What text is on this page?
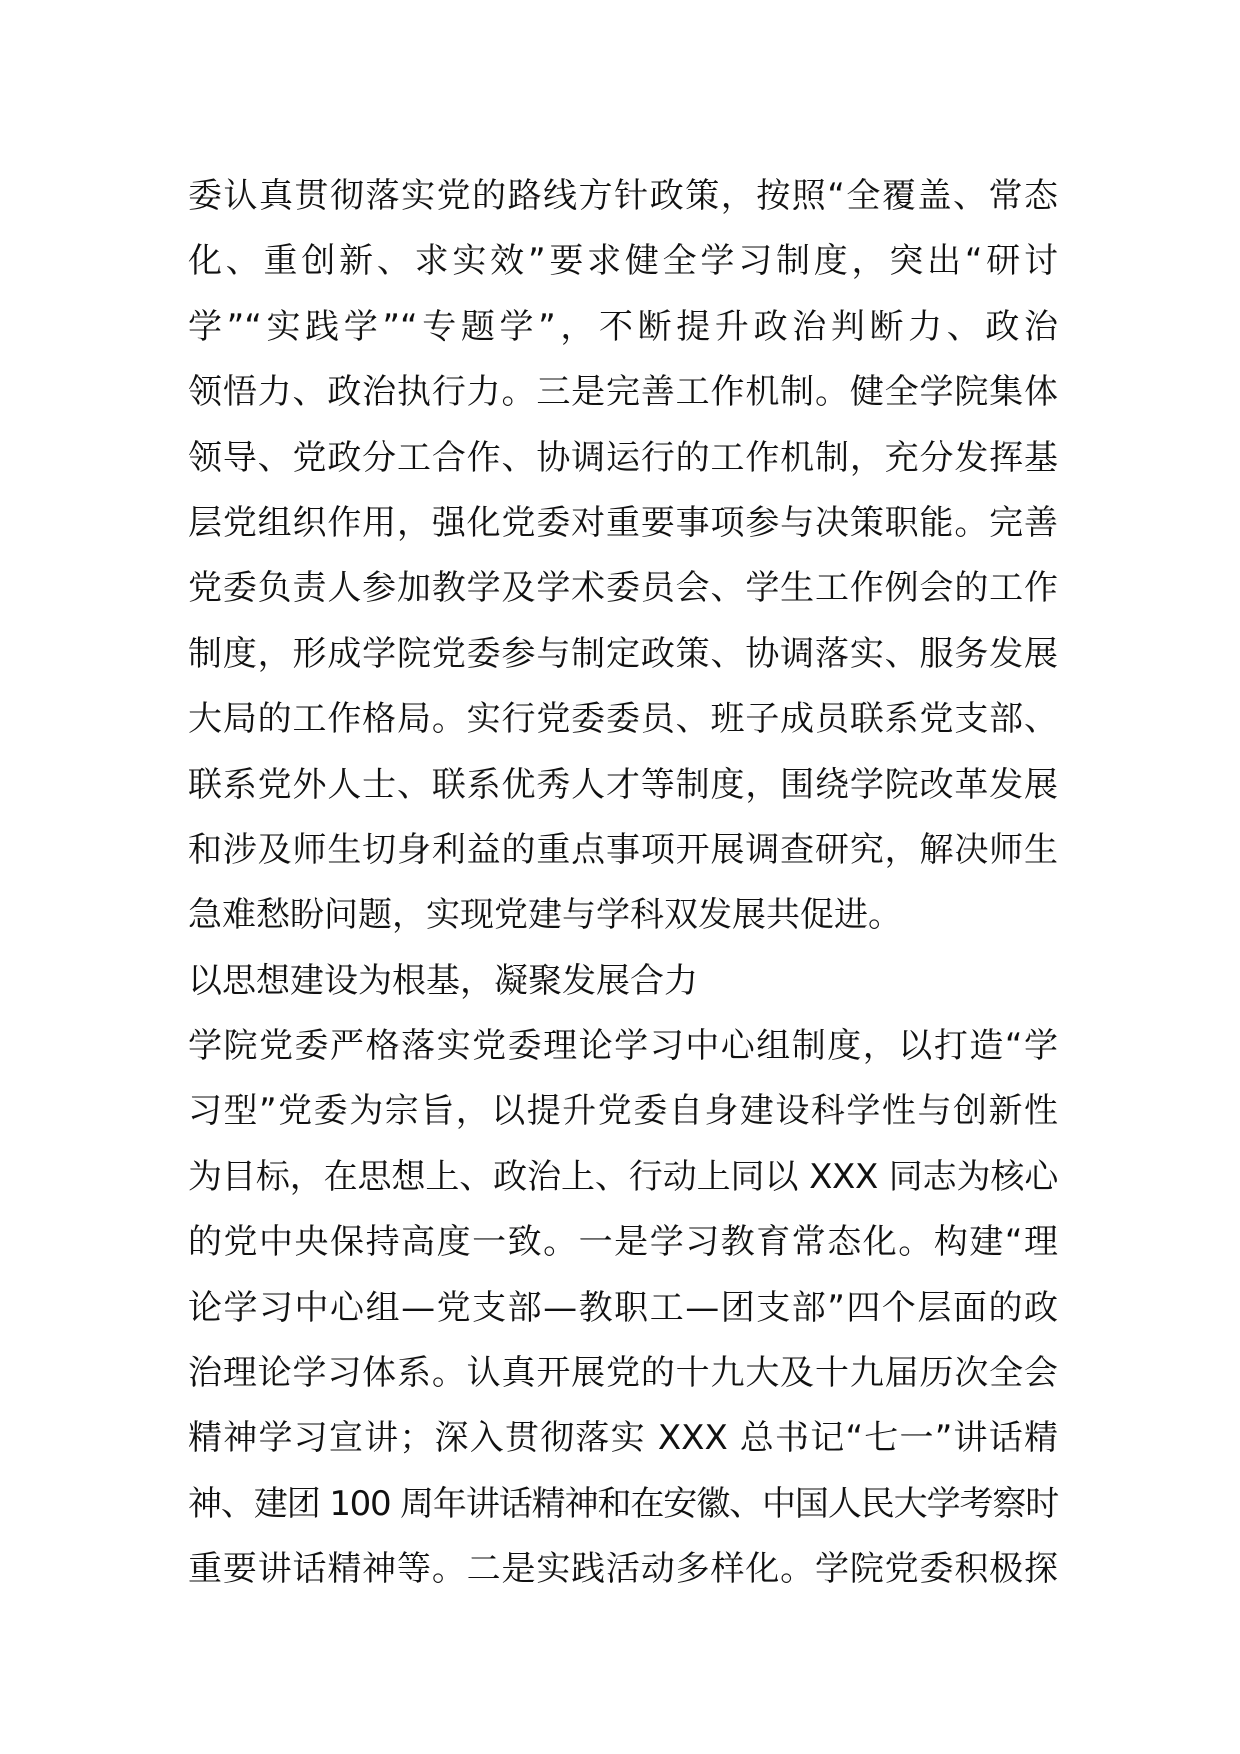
委认真贯彻落实党的路线方针政策，按照“全覆盖、常态
化、重创新、求实效”要求健全学习制度，突出“研讨
学”“实践学”“专题学”，不断提升政治判断力、政治
领悟力、政治执行力。三是完善工作机制。健全学院集体
领导、党政分工合作、协调运行的工作机制，充分发挥基
层党组织作用，强化党委对重要事项参与决策职能。完善
党委负责人参加教学及学术委员会、学生工作例会的工作
制度，形成学院党委参与制定政策、协调落实、服务发展
大局的工作格局。实行党委委员、班子成员联系党支部、
联系党外人士、联系优秀人才等制度，围绕学院改革发展
和涉及师生切身利益的重点事项开展调查研究，解决师生
急难愁盼问题，实现党建与学科双发展共促进。
以思想建设为根基，凝聚发展合力
学院党委严格落实党委理论学习中心组制度，以打造“学
习型”党委为宗旨，以提升党委自身建设科学性与创新性
为目标，在思想上、政治上、行动上同以 XXX 同志为核心
的党中央保持高度一致。一是学习教育常态化。构建“理
论学习中心组—党支部—教职工—团支部”四个层面的政
治理论学习体系。认真开展党的十九大及十九届历次全会
精神学习宣讲；深入贯彻落实 XXX 总书记“七一”讲话精
神、建团 100 周年讲话精神和在安徽、中国人民大学考察时
重要讲话精神等。二是实践活动多样化。学院党委积极探
